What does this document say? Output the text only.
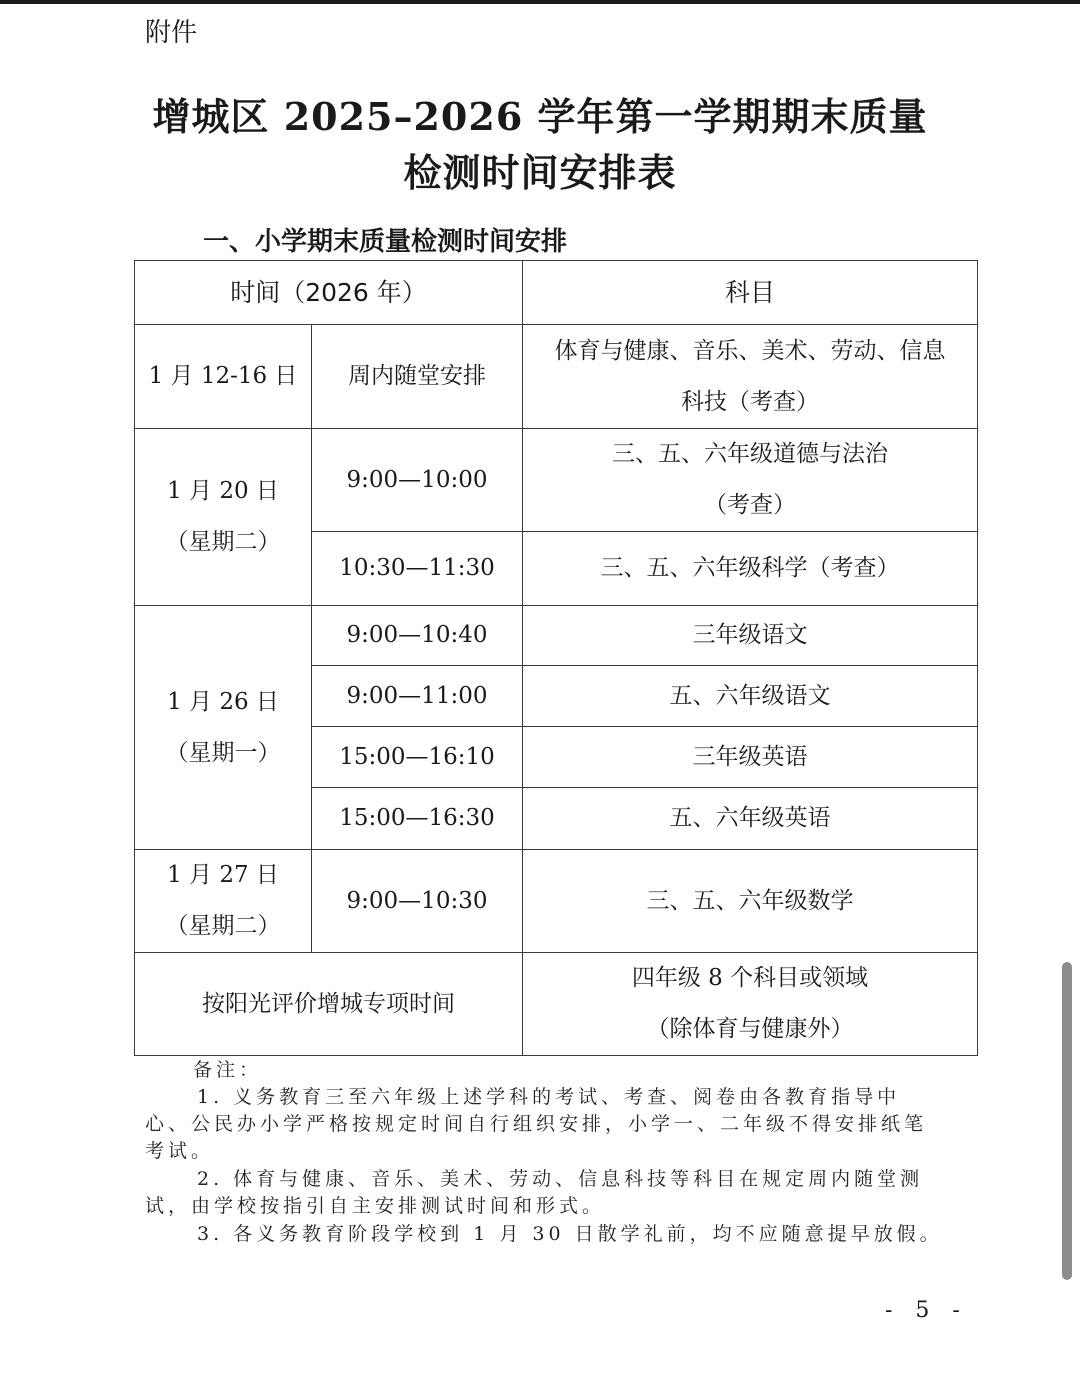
附件
增城区 2025–2026 学年第一学期期末质量
检测时间安排表
一、小学期末质量检测时间安排
时间（2026 年）		科目
1 月 12-16 日	周内随堂安排	体育与健康、音乐、美术、劳动、信息
科技（考查）

1 月 20 日
（星期二）	9:00—10:00	三、五、六年级道德与法治
（考查）

	10:30—11:30	三、五、六年级科学（考查）

1 月 26 日
（星期一）	9:00—10:40	三年级语文
	9:00—11:00	五、六年级语文
	15:00—16:10	三年级英语
	15:00—16:30	五、六年级英语

1 月 27 日
（星期二）	9:00—10:30	三、五、六年级数学
按阳光评价增城专项时间		四年级 8 个科目或领域
（除体育与健康外）

备注：

1. 义务教育三至六年级上述学科的考试、考查、阅卷由各教育指导中心、公民办小学严格按规定时间自行组织安排，小学一、二年级不得安排纸笔考试。

2. 体育与健康、音乐、美术、劳动、信息科技等科目在规定周内随堂测试，由学校按指引自主安排测试时间和形式。

3. 各义务教育阶段学校到 1 月 30 日散学礼前，均不应随意提早放假。

- 5 -
